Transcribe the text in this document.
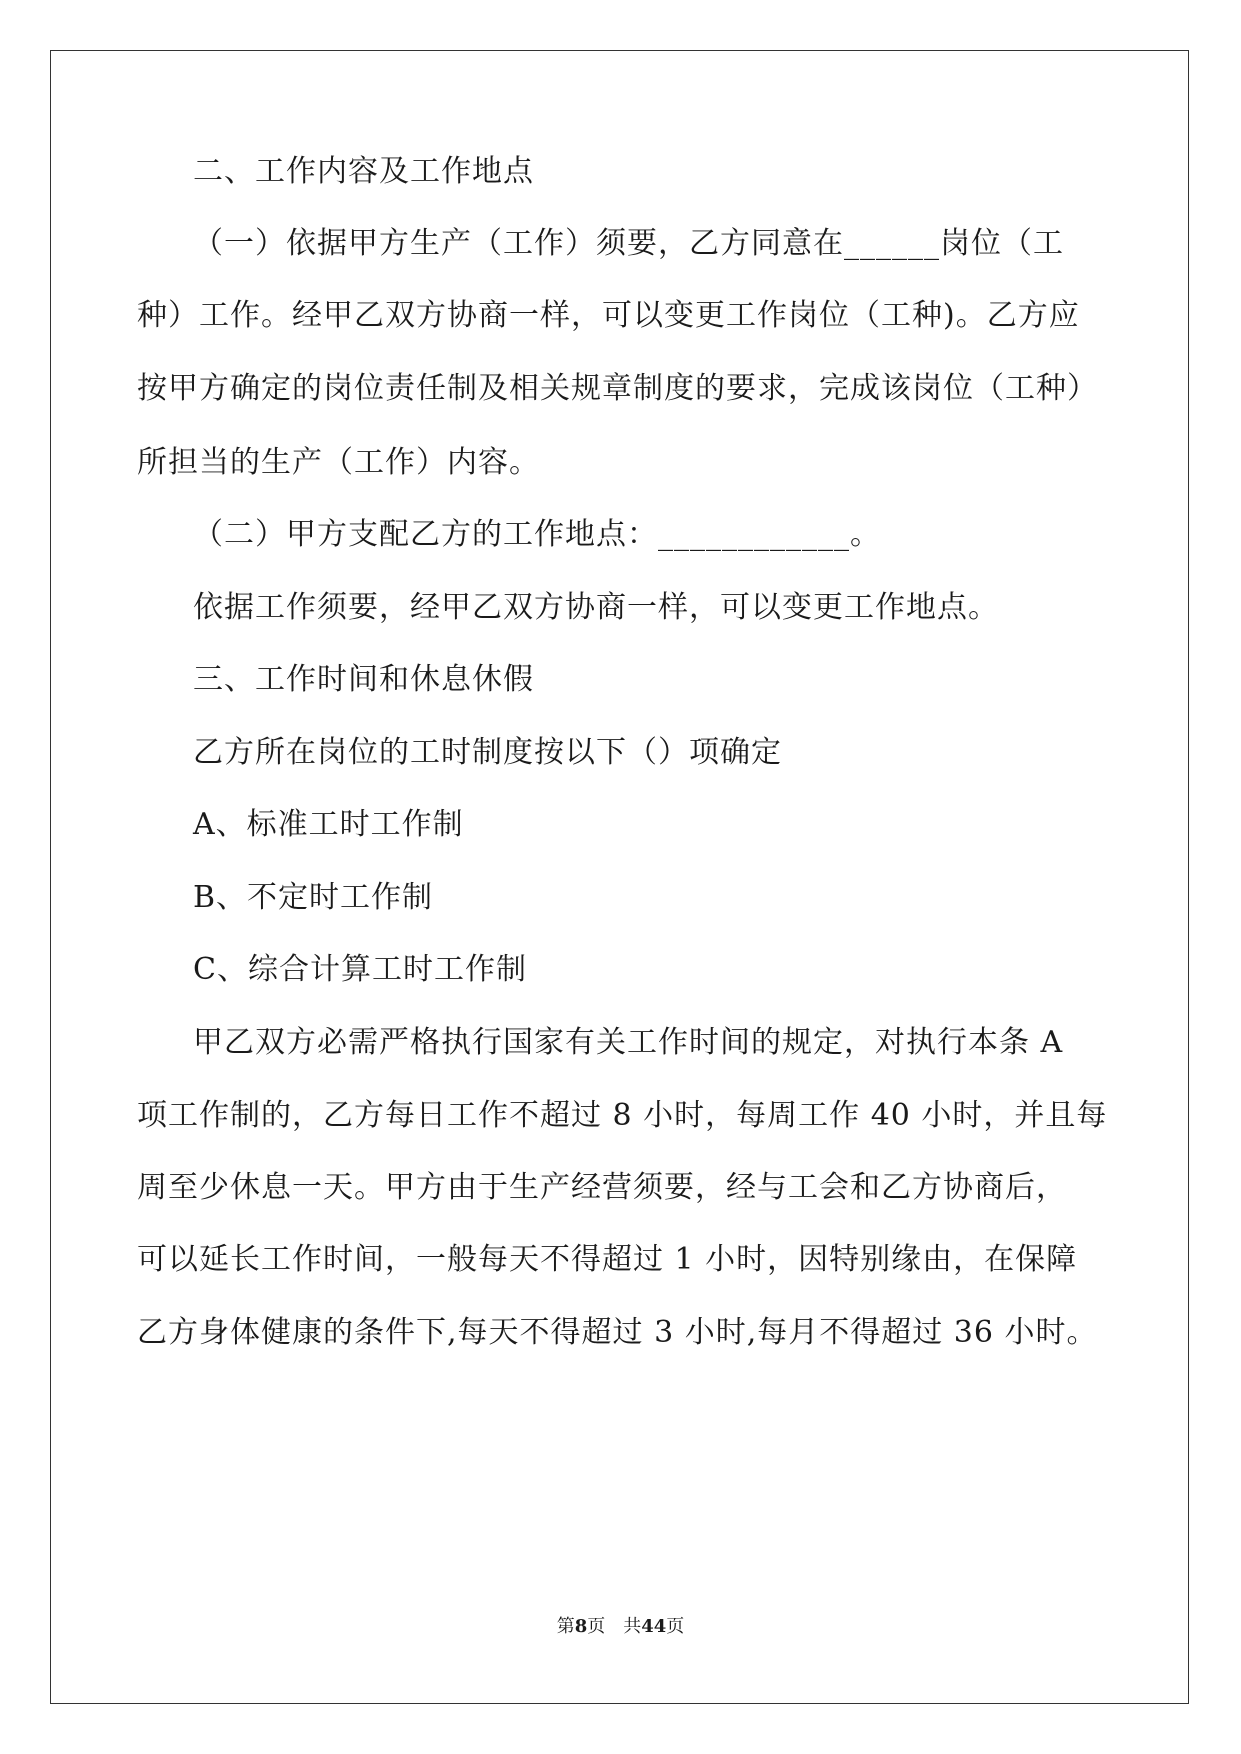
二、工作内容及工作地点
（一）依据甲方生产（工作）须要，乙方同意在______岗位（工
种）工作。经甲乙双方协商一样，可以变更工作岗位（工种)。乙方应
按甲方确定的岗位责任制及相关规章制度的要求，完成该岗位（工种）
所担当的生产（工作）内容。
（二）甲方支配乙方的工作地点：____________。
依据工作须要，经甲乙双方协商一样，可以变更工作地点。
三、工作时间和休息休假
乙方所在岗位的工时制度按以下（）项确定
A、标准工时工作制
B、不定时工作制
C、综合计算工时工作制
甲乙双方必需严格执行国家有关工作时间的规定，对执行本条 A
项工作制的，乙方每日工作不超过 8 小时，每周工作 40 小时，并且每
周至少休息一天。甲方由于生产经营须要，经与工会和乙方协商后，
可以延长工作时间，一般每天不得超过 1 小时，因特别缘由，在保障
乙方身体健康的条件下,每天不得超过 3 小时,每月不得超过 36 小时。
第8页　共44页
